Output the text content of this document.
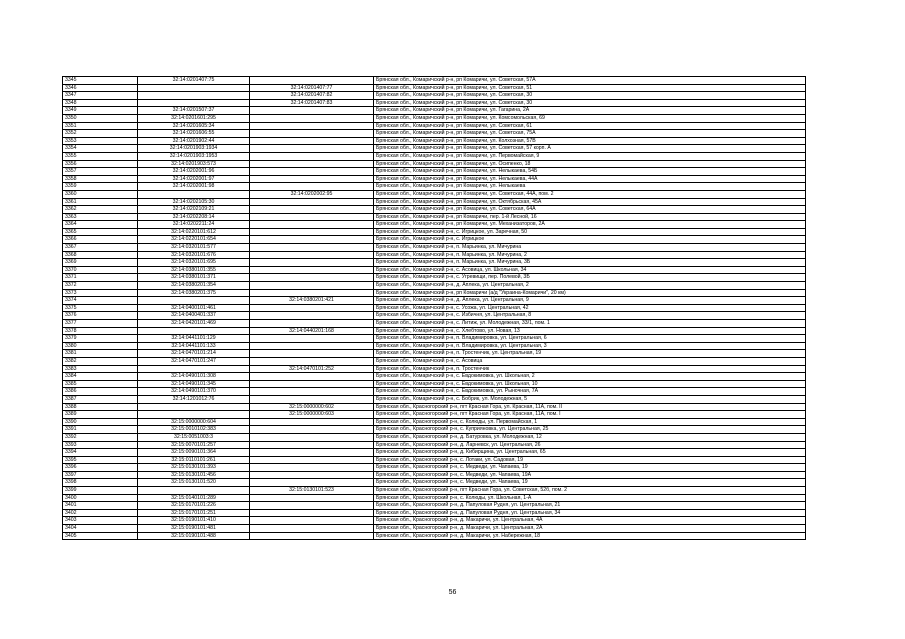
3345	32:14:0201407:75		Брянская обл., Комаричский р-н, рп Комаричи, ул. Советская, 57А
3346		32:14:0201407:77	Брянская обл., Комаричский р-н, рп Комаричи, ул. Советская, 51
3347		32:14:0201407:82	Брянская обл., Комаричский р-н, рп Комаричи, ул. Советская, 30
3348		32:14:0201407:83	Брянская обл., Комаричский р-н, рп Комаричи, ул. Советская, 30
3349	32:14:0201507:37		Брянская обл., Комаричский р-н, рп Комаричи, ул. Гагарина, 2А
3350	32:14:0201601:295		Брянская обл., Комаричский р-н, рп Комаричи, ул. Комсомольская, 69
3351	32:14:0201605:34		Брянская обл., Комаричский р-н, рп Комаричи, ул. Советская, 61
3352	32:14:0201606:55		Брянская обл., Комаричский р-н, рп Комаричи, ул. Советская, 75А
3353	32:14:0201902:44		Брянская обл., Комаричский р-н, рп Комаричи, ул. Колхозная, 57В
3354	32:14:0201903:1934		Брянская обл., Комаричский р-н, рп Комаричи, ул. Советская, 57 корп. А
3355	32:14:0201903:1953		Брянская обл., Комаричский р-н, рп Комаричи, ул. Первомайская, 9
3356	32:14:0201903:573		Брянская обл., Комаричский р-н, рп Комаричи, ул. Осипенко, 18
3357	32:14:0202001:96		Брянская обл., Комаричский р-н, рп Комаричи, ул. Нелыкаева, 54Б
3358	32:14:0202001:97		Брянская обл., Комаричский р-н, рп Комаричи, ул. Нелыкаева, 44А
3359	32:14:0202001:98		Брянская обл., Комаричский р-н, рп Комаричи, ул. Нелыкаева
3360		32:14:0202002:95	Брянская обл., Комаричский р-н, рп Комаричи, ул. Советская, 44А, пом. 2
3361	32:14:0202105:30		Брянская обл., Комаричский р-н, рп Комаричи, ул. Октябрьская, 45А
3362	32:14:0202109:21		Брянская обл., Комаричский р-н, рп Комаричи, ул. Советская, 64А
3363	32:14:0202208:14		Брянская обл., Комаричский р-н, рп Комаричи, пер. 1-й Лесной, 16
3364	32:14:0202211:24		Брянская обл., Комаричский р-н, рп Комаричи, ул. Механизаторов, 2А
3365	32:14:0220101:612		Брянская обл., Комаричский р-н, с. Игрицкое, ул. Заречная, 50
3366	32:14:0220101:654		Брянская обл., Комаричский р-н, с. Игрицкое
3367	32:14:0320101:577		Брянская обл., Комаричский р-н, п. Марьинка, ул. Мичурина
3368	32:14:0320101:676		Брянская обл., Комаричский р-н, п. Марьинка, ул. Мичурина, 2
3369	32:14:0320101:695		Брянская обл., Комаричский р-н, п. Марьинка, ул. Мичурина, 3Б
3370	32:14:0380101:355		Брянская обл., Комаричский р-н, с. Асовица, ул. Школьная, 34
3371	32:14:0380101:371		Брянская обл., Комаричский р-н, с. Угревищи, пер. Полевой, 3Б
3372	32:14:0380201:354		Брянская обл., Комаричский р-н, д. Аплека, ул. Центральная, 2
3373	32:14:0380201:375		Брянская обл., Комаричский р-н, рп Комаричи (а/д "Украина-Комаричи", 20 км)
3374		32:14:0380201:421	Брянская обл., Комаричский р-н, д. Аплека, ул. Центральная, 9
3375	32:14:0400101:461		Брянская обл., Комаричский р-н, с. Усожа, ул. Центральная, 42
3376	32:14:0400401:337		Брянская обл., Комаричский р-н, с. Избичня, ул. Центральная, 8
3377	32:14:0420101:469		Брянская обл., Комаричский р-н, с. Литиж, ул. Молодежная, 33/1, пом. 1
3378		32:14:0440201:168	Брянская обл., Комаричский р-н, с. Хлебтово, ул. Новая, 13
3379	32:14:0441101:129		Брянская обл., Комаричский р-н, п. Владимировка, ул. Центральная, 6
3380	32:14:0441101:133		Брянская обл., Комаричский р-н, п. Владимировка, ул. Центральная, 3
3381	32:14:0470101:214		Брянская обл., Комаричский р-н, п. Тростенчик, ул. Центральная, 19
3382	32:14:0470101:247		Брянская обл., Комаричский р-н, с. Асовица
3383		32:14:0470101:252	Брянская обл., Комаричский р-н, п. Тростенчик
3384	32:14:0490101:308		Брянская обл., Комаричский р-н, с. Евдокимовка, ул. Школьная, 2
3385	32:14:0490101:345		Брянская обл., Комаричский р-н, с. Евдокимовка, ул. Школьная, 10
3386	32:14:0490101:370		Брянская обл., Комаричский р-н, с. Евдокимовка, ул. Рыночная, 7А
3387	32:14:1201012:76		Брянская обл., Комаричский р-н, с. Бобрик, ул. Молодежная, 5
3388		32:15:0000000:602	Брянская обл., Красногорский р-н, пгт Красная Гора, ул. Красная, 11А, пом. II
3389		32:15:0000000:603	Брянская обл., Красногорский р-н, пгт Красная Гора, ул. Красная, 11А, пом. I
3390	32:15:0000000:604		Брянская обл., Красногорский р-н, с. Колюды, ул. Первомайская, 1
3391	32:15:0010102:383		Брянская обл., Красногорский р-н, с. Куприяновка, ул. Центральная, 25
3392	32:15:0051003:3		Брянская обл., Красногорский р-н, д. Батуровка, ул. Молодежная, 12
3393	32:15:0070101:257		Брянская обл., Красногорский р-н, д. Ларневск, ул. Центральная, 26
3394	32:15:0090101:364		Брянская обл., Красногорский р-н, д. Кибирщина, ул. Центральная, 65
3395	32:15:0110101:261		Брянская обл., Красногорский р-н, с. Лотаки, ул. Садовая, 19
3396	32:15:0130101:393		Брянская обл., Красногорский р-н, с. Медведи, ул. Чапаева, 19
3397	32:15:0130101:456		Брянская обл., Красногорский р-н, с. Медведи, ул. Чапаева, 19А
3398	32:15:0130101:520		Брянская обл., Красногорский р-н, с. Медведи, ул. Чапаева, 19
3399		32:15:0130101:523	Брянская обл., Красногорский р-н, пгт Красная Гора, ул. Советская, 52б, пом. 2
3400	32:15:0140101:289		Брянская обл., Красногорский р-н, с. Колюды, ул. Школьная, 1-А
3401	32:15:0170101:226		Брянская обл., Красногорский р-н, д. Папуловая Рудня, ул. Центральная, 21
3402	32:15:0170101:251		Брянская обл., Красногорский р-н, д. Папуловая Рудня, ул. Центральная, 34
3403	32:15:0190101:410		Брянская обл., Красногорский р-н, д. Макаричи, ул. Центральная, 4А
3404	32:15:0190101:481		Брянская обл., Красногорский р-н, д. Макаричи, ул. Центральная, 2А
3405	32:15:0190101:488		Брянская обл., Красногорский р-н, д. Макаричи, ул. Набережная, 18
56
